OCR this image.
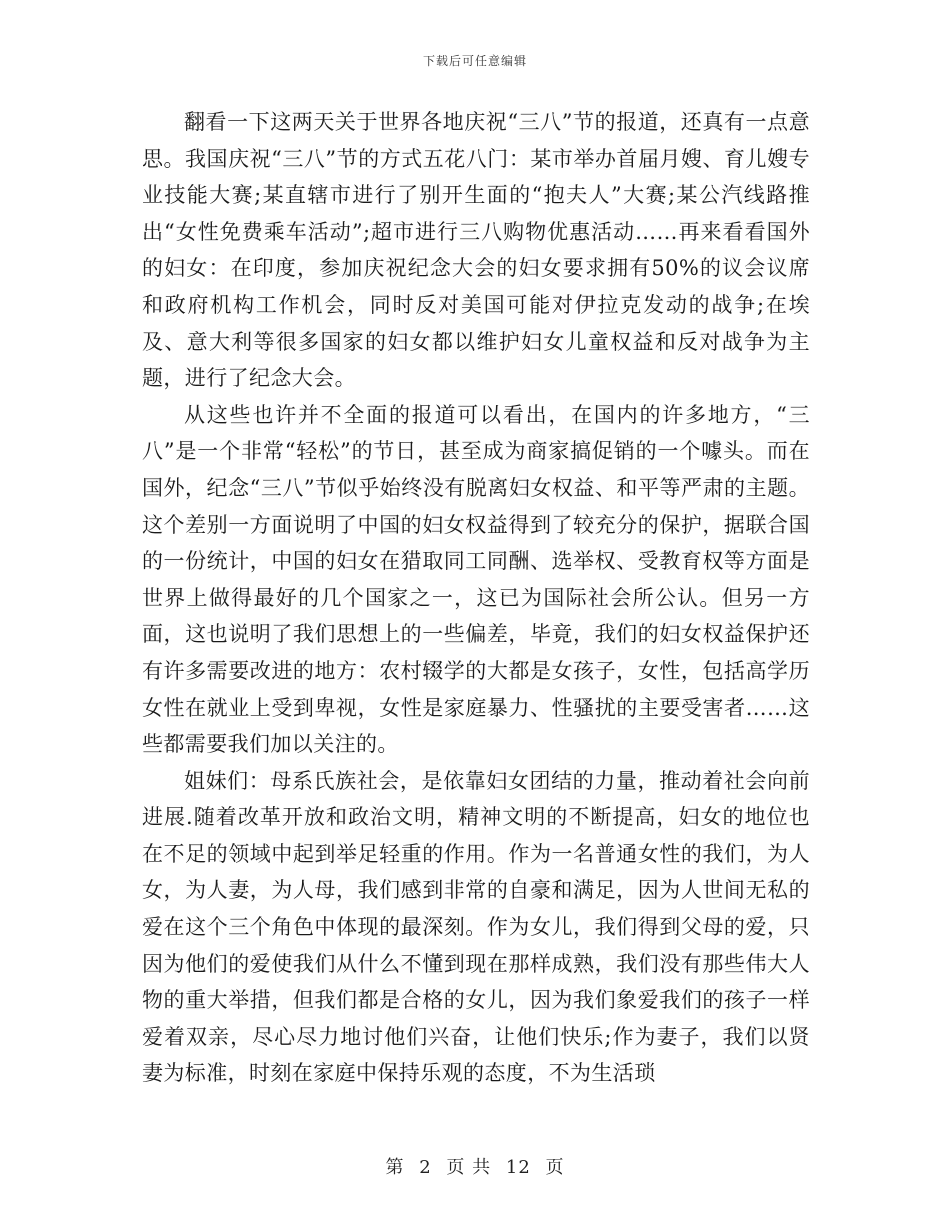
下载后可任意编辑

翻看一下这两天关于世界各地庆祝“三八”节的报道，还真有一点意思。我国庆祝“三八”节的方式五花八门：某市举办首届月嫂、育儿嫂专业技能大赛;某直辖市进行了别开生面的“抱夫人”大赛;某公汽线路推出“女性免费乘车活动”;超市进行三八购物优惠活动……再来看看国外的妇女：在印度，参加庆祝纪念大会的妇女要求拥有50%的议会议席和政府机构工作机会，同时反对美国可能对伊拉克发动的战争;在埃及、意大利等很多国家的妇女都以维护妇女儿童权益和反对战争为主题，进行了纪念大会。

从这些也许并不全面的报道可以看出，在国内的许多地方，“三八”是一个非常“轻松”的节日，甚至成为商家搞促销的一个噱头。而在国外，纪念“三八”节似乎始终没有脱离妇女权益、和平等严肃的主题。这个差别一方面说明了中国的妇女权益得到了较充分的保护，据联合国的一份统计，中国的妇女在猎取同工同酬、选举权、受教育权等方面是世界上做得最好的几个国家之一，这已为国际社会所公认。但另一方面，这也说明了我们思想上的一些偏差，毕竟，我们的妇女权益保护还有许多需要改进的地方：农村辍学的大都是女孩子，女性，包括高学历女性在就业上受到卑视，女性是家庭暴力、性骚扰的主要受害者……这些都需要我们加以关注的。

姐妹们：母系氏族社会，是依靠妇女团结的力量，推动着社会向前进展.随着改革开放和政治文明，精神文明的不断提高，妇女的地位也在不足的领域中起到举足轻重的作用。作为一名普通女性的我们，为人女，为人妻，为人母，我们感到非常的自豪和满足，因为人世间无私的爱在这个三个角色中体现的最深刻。作为女儿，我们得到父母的爱，只因为他们的爱使我们从什么不懂到现在那样成熟，我们没有那些伟大人物的重大举措，但我们都是合格的女儿，因为我们象爱我们的孩子一样爱着双亲，尽心尽力地讨他们兴奋，让他们快乐;作为妻子，我们以贤妻为标准，时刻在家庭中保持乐观的态度，不为生活琐

第 2 页 共 12 页
